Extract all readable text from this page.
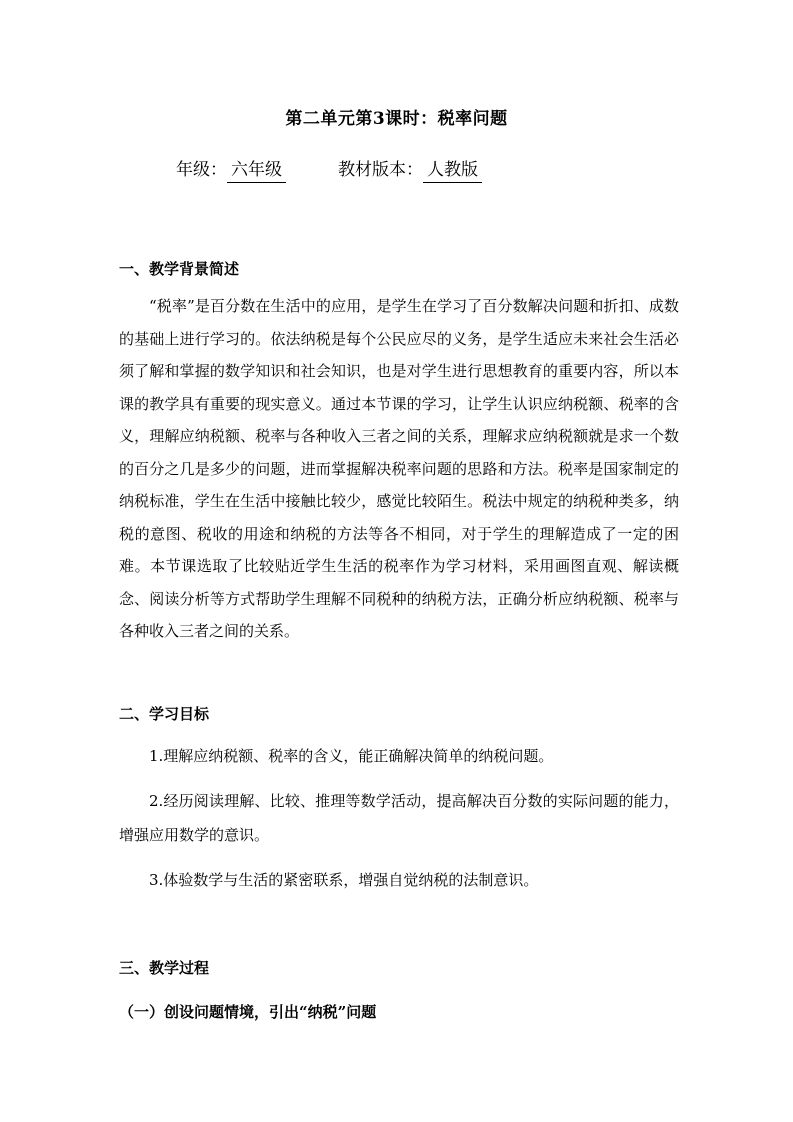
第二单元第3课时：税率问题
年级： 六年级	教材版本： 人教版
一、教学背景简述
“税率”是百分数在生活中的应用，是学生在学习了百分数解决问题和折扣、成数的基础上进行学习的。依法纳税是每个公民应尽的义务，是学生适应未来社会生活必须了解和掌握的数学知识和社会知识，也是对学生进行思想教育的重要内容，所以本课的教学具有重要的现实意义。通过本节课的学习，让学生认识应纳税额、税率的含义，理解应纳税额、税率与各种收入三者之间的关系，理解求应纳税额就是求一个数的百分之几是多少的问题，进而掌握解决税率问题的思路和方法。税率是国家制定的纳税标准，学生在生活中接触比较少，感觉比较陌生。税法中规定的纳税种类多，纳税的意图、税收的用途和纳税的方法等各不相同，对于学生的理解造成了一定的困难。本节课选取了比较贴近学生生活的税率作为学习材料，采用画图直观、解读概念、阅读分析等方式帮助学生理解不同税种的纳税方法，正确分析应纳税额、税率与各种收入三者之间的关系。
二、学习目标
1.理解应纳税额、税率的含义，能正确解决简单的纳税问题。
2.经历阅读理解、比较、推理等数学活动，提高解决百分数的实际问题的能力，增强应用数学的意识。
3.体验数学与生活的紧密联系，增强自觉纳税的法制意识。
三、教学过程
（一）创设问题情境，引出“纳税”问题
